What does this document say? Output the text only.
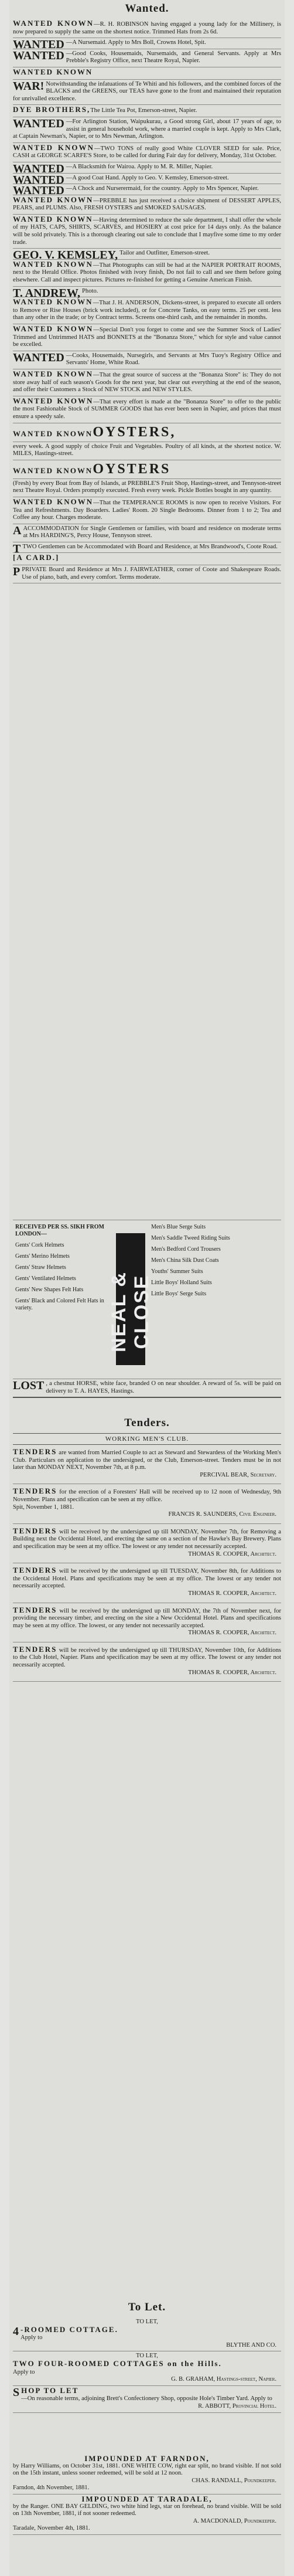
Wanted.
WANTED KNOWN—R. H. ROBINSON having engaged a young lady for the Millinery, is now prepared to supply the same on the shortest notice. Trimmed Hats from 2s 6d.
WANTED —A Nursemaid. Apply to Mrs Boll, Crowns Hotel, Spit.
WANTED —Good Cooks, Housemaids, Nursemaids, and General Servants. Apply at Mrs Prebble's Registry Office, next Theatre Royal, Napier.
WANTED KNOWN
WAR! Notwithstanding the infatuations of Te Whiti and his followers, and the combined forces of the BLACKS and the GREENS, our TEAS have gone to the front and maintained their reputation for unrivalled excellence.
DYE BROTHERS,The Little Tea Pot, Emerson-street, Napier.
WANTED —For Arlington Station, Waipukurau, a Good strong Girl, about 17 years of age, to assist in general household work, where a married couple is kept. Apply to Mrs Clark, at Captain Newman's, Napier, or to Mrs Newman, Arlington.
WANTED KNOWN—TWO TONS of really good White CLOVER SEED for sale. Price, CASH at GEORGE SCARFE'S Store, to be called for during Fair day for delivery, Monday, 31st October.
WANTED —A Blacksmith for Wairoa. Apply to M. R. Miller, Napier.
WANTED —A good Coat Hand. Apply to Geo. V. Kemsley, Emerson-street.
WANTED —A Chock and Nurserermaid, for the country. Apply to Mrs Spencer, Napier.
WANTED KNOWN—PREBBLE has just received a choice shipment of DESSERT APPLES, PEARS, and PLUMS. Also, FRESH OYSTERS and SMOKED SAUSAGES.
WANTED KNOWN—Having determined to reduce the sale department, I shall offer the whole of my HATS, CAPS, SHIRTS, SCARVES, and HOSIERY at cost price for 14 days only. As the balance will be sold privately. This is a thorough clearing out sale to conclude that I mayfive some time to my order trade.
GEO. V. KEMSLEY, Tailor and Outfitter, Emerson-street.
WANTED KNOWN—That Photographs can still be had at the NAPIER PORTRAIT ROOMS, next to the Herald Office. Photos finished with ivory finish, Do not fail to call and see them before going elsewhere. Call and inspect pictures. Pictures re-finished for getting a Genuine American Finish.
T. ANDREW, Photo.
WANTED KNOWN—That J. H. ANDERSON, Dickens-street, is prepared to execute all orders to Remove or Rise Houses (brick work included), or for Concrete Tanks, on easy terms. 25 per cent. less than any other in the trade; or by Contract terms. Screens one-third cash, and the remainder in months.
WANTED KNOWN—Special Don't you forget to come and see the Summer Stock of Ladies' Trimmed and Untrimmed HATS and BONNETS at the "Bonanza Store," which for style and value cannot be excelled.
WANTED —Cooks, Housemaids, Nursegirls, and Servants at Mrs Tuoy's Registry Office and Servants' Home, White Road.
WANTED KNOWN—That the great source of success at the "Bonanza Store" is: They do not store away half of each season's Goods for the next year, but clear out everything at the end of the season, and offer their Customers a Stock of NEW STOCK and NEW STYLES.
WANTED KNOWN—That every effort is made at the "Bonanza Store" to offer to the public the most Fashionable Stock of SUMMER GOODS that has ever been seen in Napier, and prices that must ensure a speedy sale.
WANTED KNOWNOYSTERS,
every week. A good supply of choice Fruit and Vegetables. Poultry of all kinds, at the shortest notice. W. MILES, Hastings-street.
WANTED KNOWNOYSTERS
(Fresh) by every Boat from Bay of Islands, at PREBBLE'S Fruit Shop, Hastings-street, and Tennyson-street next Theatre Royal. Orders promptly executed. Fresh every week. Pickle Bottles bought in any quantity.
WANTED KNOWN—That the TEMPERANCE ROOMS is now open to receive Visitors. For Tea and Refreshments. Day Boarders. Ladies' Room. 20 Single Bedrooms. Dinner from 1 to 2; Tea and Coffee any hour. Charges moderate.
AACCOMMODATION for Single Gentlemen or families, with board and residence on moderate terms at Mrs HARDING'S, Percy House, Tennyson street.
TTWO Gentlemen can be Accommodated with Board and Residence, at Mrs Brandwood's, Coote Road.
[A CARD.]
PPRIVATE Board and Residence at Mrs J. FAIRWEATHER, corner of Coote and Shakespeare Roads. Use of piano, bath, and every comfort. Terms moderate.
RECEIVED PER SS. SIKH FROM LONDON—
Gents' Cork Helmets
Gents' Merino Helmets
Gents' Straw Helmets
Gents' Ventilated Helmets
Gents' New Shapes Felt Hats
Gents' Black and Colored Felt Hats in variety.	NEAL & CLOSE
Men's Blue Serge Suits
Men's Saddle Tweed Riding Suits
Men's Bedford Cord Trousers
Men's China Silk Dust Coats
Youths' Summer Suits
Little Boys' Holland Suits
Little Boys' Serge Suits
LOST , a chestnut HORSE, white face, branded O on near shoulder. A reward of 5s. will be paid on delivery to T. A. HAYES, Hastings.
Tenders.
WORKING MEN'S CLUB.

TENDERS are wanted from Married Couple to act as Steward and Stewardess of the Working Men's Club. Particulars on application to the undersigned, or the Club, Emerson-street. Tenders must be in not later than MONDAY NEXT, November 7th, at 8 p.m.

PERCIVAL BEAR, Secretary.

TENDERS for the erection of a Foresters' Hall will be received up to 12 noon of Wednesday, 9th November. Plans and specification can be seen at my office.

Spit, November 1, 1881.

FRANCIS R. SAUNDERS, Civil Engineer.

TENDERS will be received by the undersigned up till MONDAY, November 7th, for Removing a Building next the Occidental Hotel, and erecting the same on a section of the Hawke's Bay Brewery. Plans and specification may be seen at my office. The lowest or any tender not necessarily accepted.

THOMAS R. COOPER, Architect.

TENDERS will be received by the undersigned up till TUESDAY, November 8th, for Additions to the Occidental Hotel. Plans and specifications may be seen at my office. The lowest or any tender not necessarily accepted.

THOMAS R. COOPER, Architect.

TENDERS will be received by the undersigned up till MONDAY, the 7th of November next, for providing the necessary timber, and erecting on the site a New Occidental Hotel. Plans and specifications may be seen at my office. The lowest, or any tender not necessarily accepted.

THOMAS R. COOPER, Architect.

TENDERS will be received by the undersigned up till THURSDAY, November 10th, for Additions to the Club Hotel, Napier. Plans and specification may be seen at my office. The lowest or any tender not necessarily accepted.

THOMAS R. COOPER, Architect.

To Let.

TO LET,

4 -ROOMED COTTAGE.

Apply to

BLYTHE AND CO.

TO LET,

TWO FOUR-ROOMED COTTAGES on the Hills.

Apply to

G. B. GRAHAM, Hastings-street, Napier.

SHOP TO LET

—On reasonable terms, adjoining Brett's Confectionery Shop, opposite Hole's Timber Yard. Apply to

R. ABBOTT, Provincial Hotel.

IMPOUNDED AT FARNDON,

by Harry Williams, on October 31st, 1881. ONE WHITE COW, right ear split, no brand visible. If not sold on the 15th instant, unless sooner redeemed, will be sold at 12 noon.

CHAS. RANDALL, Poundkeeper.

Farndon, 4th November, 1881.

IMPOUNDED AT TARADALE,

by the Ranger. ONE BAY GELDING, two white hind legs, star on forehead, no brand visible. Will be sold on 13th November, 1881, if not sooner redeemed.

A. MACDONALD, Poundkeeper.

Taradale, November 4th, 1881.
